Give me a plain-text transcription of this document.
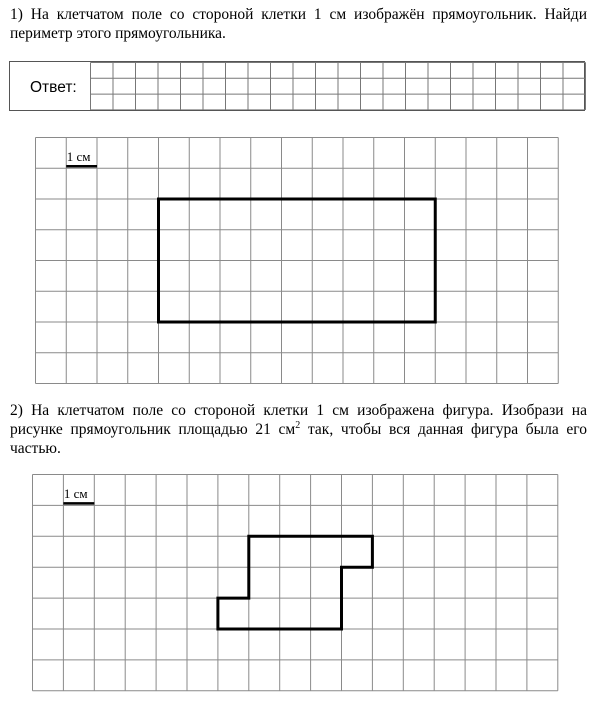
1) На клетчатом поле со стороной клетки 1 см изображён прямоугольник. Найди периметр этого прямоугольника.
Ответ:
1 см
2) На клетчатом поле со стороной клетки 1 см изображена фигура. Изобрази на рисунке прямоугольник площадью 21 $см^2$ так, чтобы вся данная фигура была его частью.
1 см
